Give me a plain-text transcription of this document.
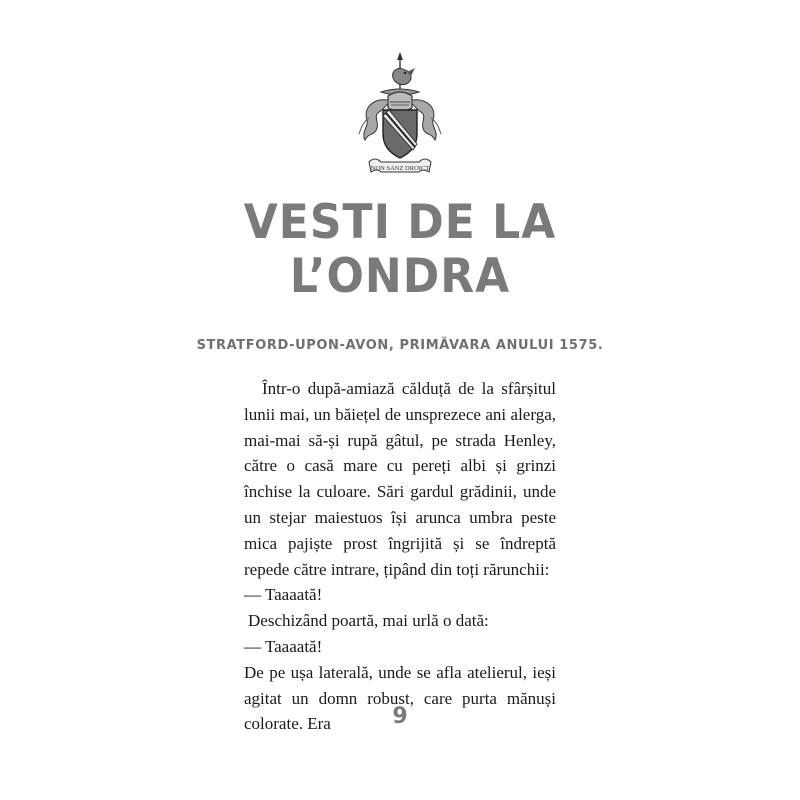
NON SANZ DROICT
VESTI DE LA
L’ONDRA
STRATFORD-UPON-AVON, PRIMĂVARA ANULUI 1575.

Într-o după-amiază călduță de la sfârșitul lunii mai, un băiețel de unsprezece ani alerga, mai-mai să-și rupă gâtul, pe strada Henley, către o casă mare cu pereți albi și grinzi închise la culoare. Sări gardul grădinii, unde un stejar maiestuos își arunca umbra peste mica pajiște prost îngrijită și se îndreptă repede către intrare, țipând din toți rărunchii:

— Taaaată!

Deschizând poartă, mai urlă o dată:

— Taaaată!

De pe ușa laterală, unde se afla atelierul, ieși agitat un domn robust, care purta mănuși colorate. Era	9
